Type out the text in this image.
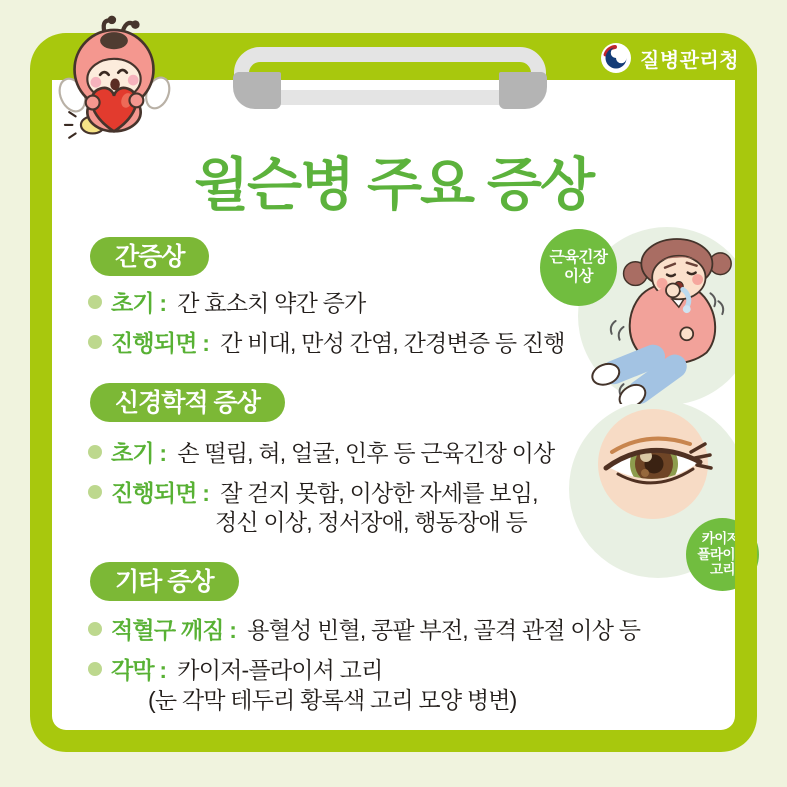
질병관리청
윌슨병 주요 증상
간증상
초기 : 간 효소치 약간 증가
진행되면 : 간 비대, 만성 간염, 간경변증 등 진행
신경학적 증상
초기 : 손 떨림, 혀, 얼굴, 인후 등 근육긴장 이상
진행되면 : 잘 걷지 못함, 이상한 자세를 보임,
정신 이상, 정서장애, 행동장애 등
기타 증상
적혈구 깨짐 : 용혈성 빈혈, 콩팥 부전, 골격 관절 이상 등
각막 : 카이저-플라이셔 고리
(눈 각막 테두리 황록색 고리 모양 병변)
근육긴장
이상
카이저-
플라이셔
고리
